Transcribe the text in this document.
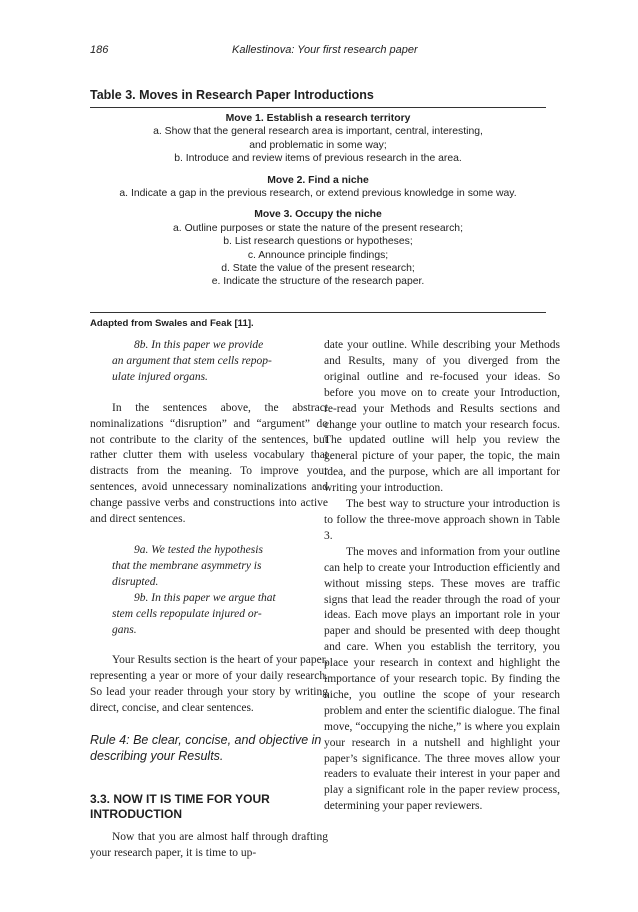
186	Kallestinova: Your first research paper
Table 3. Moves in Research Paper Introductions
Move 1. Establish a research territory
a. Show that the general research area is important, central, interesting,
and problematic in some way;
b. Introduce and review items of previous research in the area.
Move 2. Find a niche
a. Indicate a gap in the previous research, or extend previous knowledge in some way.
Move 3. Occupy the niche
a. Outline purposes or state the nature of the present research;
b. List research questions or hypotheses;
c. Announce principle findings;
d. State the value of the present research;
e. Indicate the structure of the research paper.
Adapted from Swales and Feak [11].

8b. In this paper we provide
an argument that stem cells repop-
ulate injured organs.

In the sentences above, the abstract nominalizations “disruption” and “argument” do not contribute to the clarity of the sentences, but rather clutter them with useless vocabulary that distracts from the meaning. To improve your sentences, avoid unnecessary nominalizations and change passive verbs and constructions into active and direct sentences.

9a. We tested the hypothesis
that the membrane asymmetry is
disrupted.

9b. In this paper we argue that
stem cells repopulate injured or-
gans.

Your Results section is the heart of your paper, representing a year or more of your daily research. So lead your reader through your story by writing direct, concise, and clear sentences.

Rule 4: Be clear, concise, and objective in describing your Results.

3.3. NOW IT IS TIME FOR YOUR INTRODUCTION

Now that you are almost half through drafting your research paper, it is time to up-

date your outline. While describing your Methods and Results, many of you diverged from the original outline and re-focused your ideas. So before you move on to create your Introduction, re-read your Methods and Results sections and change your outline to match your research focus. The updated outline will help you review the general picture of your paper, the topic, the main idea, and the purpose, which are all important for writing your introduction.

The best way to structure your introduction is to follow the three-move approach shown in Table 3.

The moves and information from your outline can help to create your Introduction efficiently and without missing steps. These moves are traffic signs that lead the reader through the road of your ideas. Each move plays an important role in your paper and should be presented with deep thought and care. When you establish the territory, you place your research in context and highlight the importance of your research topic. By finding the niche, you outline the scope of your research problem and enter the scientific dialogue. The final move, “occupying the niche,” is where you explain your research in a nutshell and highlight your paper’s significance. The three moves allow your readers to evaluate their interest in your paper and play a significant role in the paper review process, determining your paper reviewers.
